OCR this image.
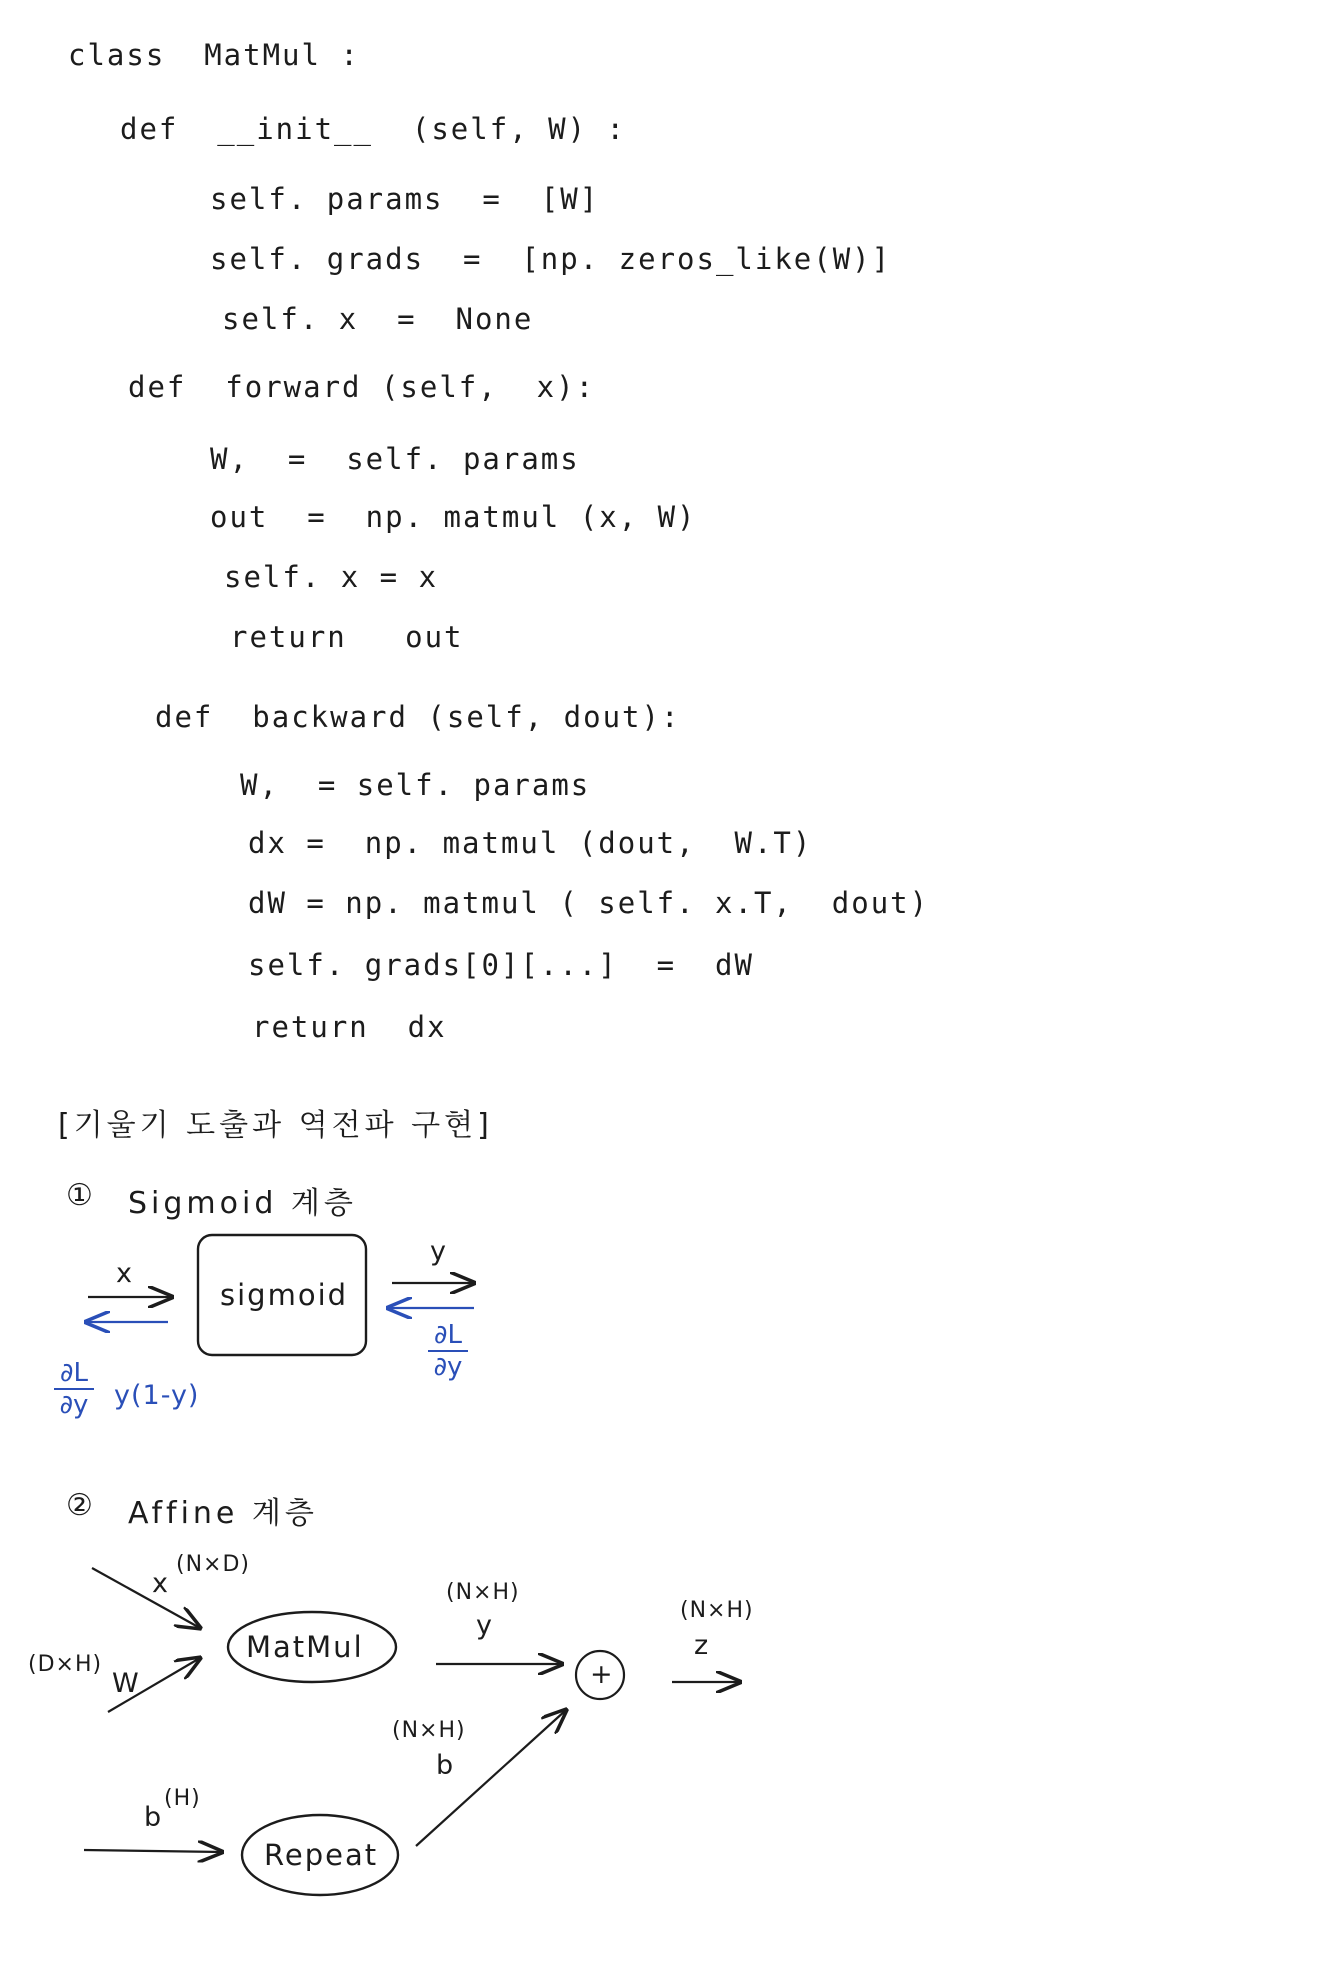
class  MatMul :
def  __init__  (self, W) :
self. params  =  [W]
self. grads  =  [np. zeros_like(W)]
self. x  =  None
def  forward (self,  x):
W,  =  self. params
out  =  np. matmul (x, W)
self. x = x
return   out
def  backward (self, dout):
W,  = self. params
dx =  np. matmul (dout,  W.T)
dW = np. matmul ( self. x.T,  dout)
self. grads[0][...]  =  dW
return  dx
[기울기 도출과 역전파 구현]
① Sigmoid 계층
sigmoid
x
y
∂L
∂y
∂L
∂y y(1-y)
② Affine 계층
x
(N×D)
(D×H)
W
MatMul
(N×H)
y
+
(N×H)
z
(N×H)
b
b
(H)
Repeat
